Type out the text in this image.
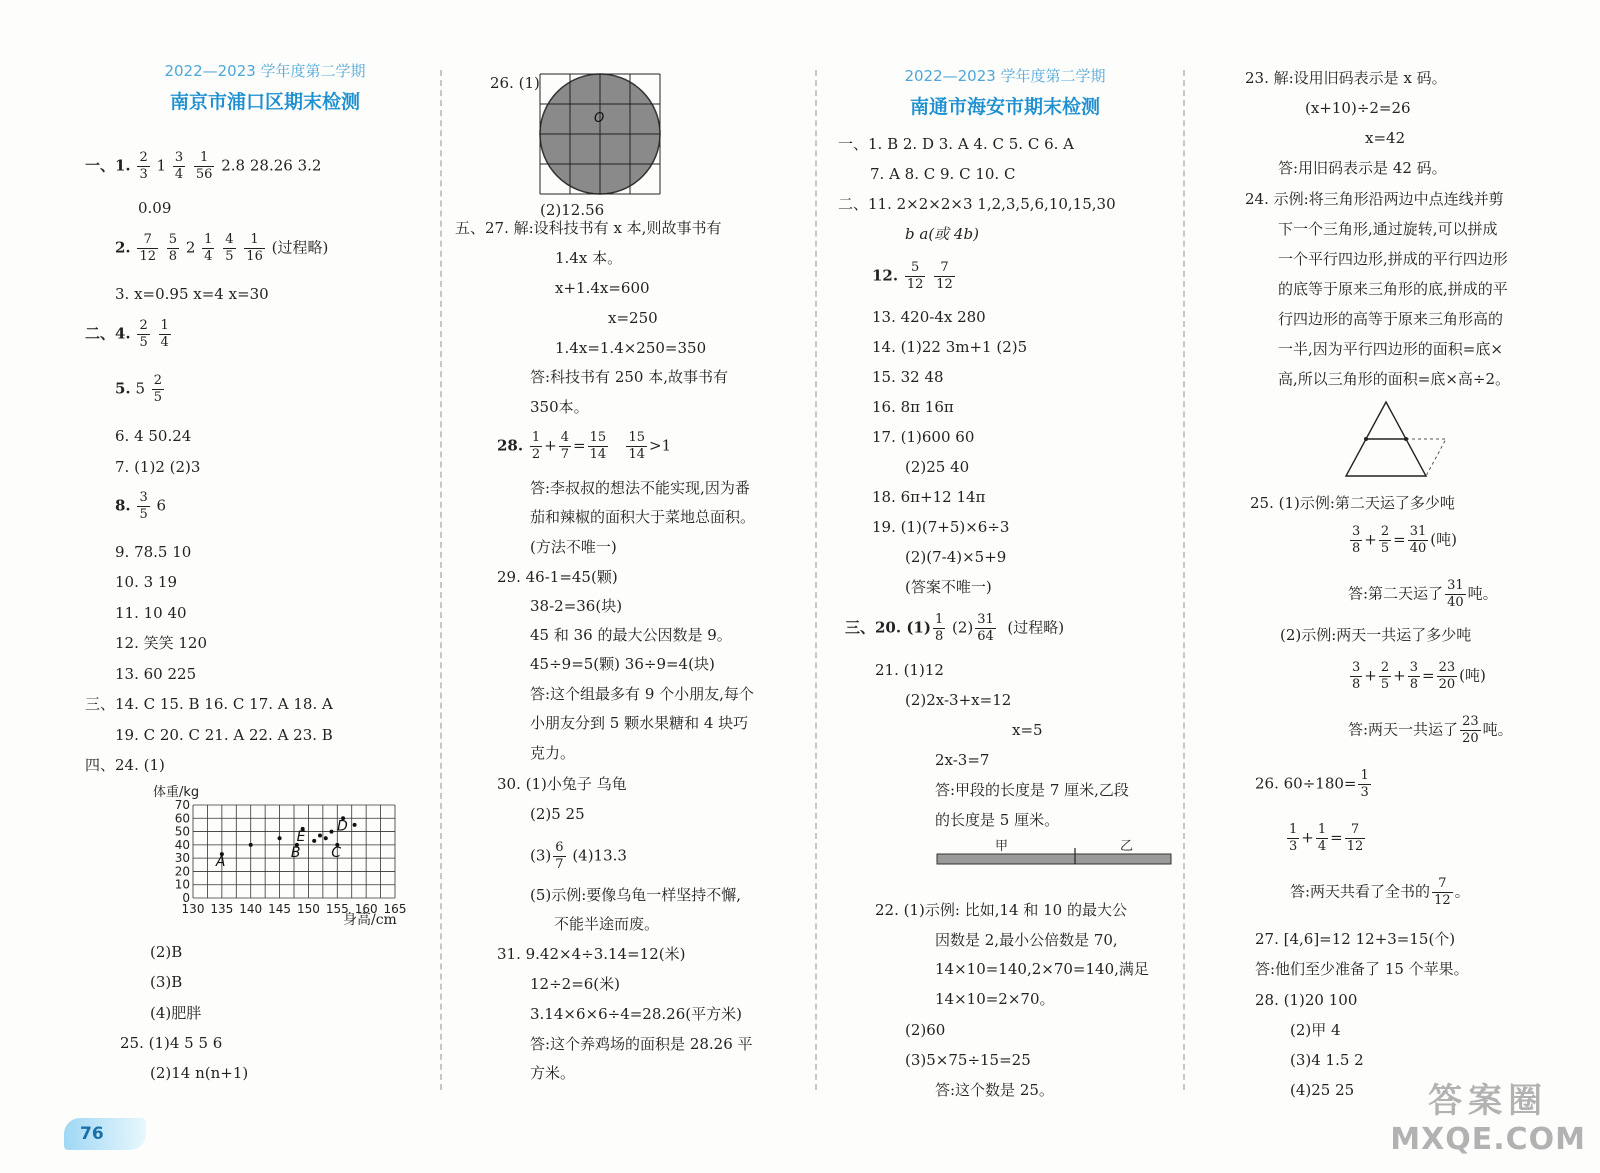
2022—2023 学年度第二学期
南京市浦口区期末检测
一、1. $\frac{2}{3} 1 \frac{3}{4}$
$\frac{1}{56} 2.8$ 28.26 3.2
0.09
2. $\frac{7}{12}$
$\frac{5}{8} 2 \frac{1}{4}$
$\frac{4}{5}$
$\frac{1}{16}$ (过程略)
3. x=0.95 x=4 x=30
二、4. $\frac{2}{5}$
$\frac{1}{4}$
5. $5 \frac{2}{5}$
6. 4 50.24
7. (1)2 (2)3
8. $\frac{3}{5} 6$
9. 78.5 10
10. 3 19
11. 10 40
12. 笑笑 120
13. 60 225
三、14. C 15. B 16. C 17. A 18. A
19. C 20. C 21. A 22. A 23. B
四、24. (1)
体重/kg
0
10
20
30
40
50
60
70
130 135 140 145 150 155 160 165
A
B
E
C
D
身高/cm
(2)B
(3)B
(4)肥胖
25. (1)4 5 5 6
(2)14 n(n+1)
26. (1)
O
(2)12.56
五、27. 解:设科技书有 x 本,则故事书有
1.4x 本。
x+1.4x=600
x=250
1.4x=1.4×250=350
答:科技书有 250 本,故事书有
350本。
28. $\frac{1}{2} + \frac{4}{7} = \frac{15}{14}$
$\frac{15}{14} >1$
答:李叔叔的想法不能实现,因为番
茄和辣椒的面积大于菜地总面积。
(方法不唯一)
29. 46-1=45(颗)
38-2=36(块)
45 和 36 的最大公因数是 9。
45÷9=5(颗) 36÷9=4(块)
答:这个组最多有 9 个小朋友,每个
小朋友分到 5 颗水果糖和 4 块巧
克力。
30. (1)小兔子 乌龟
(2)5 25
$(3) \frac{6}{7} (4)13.3$
(5)示例:要像乌龟一样坚持不懈,
不能半途而废。
31. 9.42×4÷3.14=12(米)
12÷2=6(米)
3.14×6×6÷4=28.26(平方米)
答:这个养鸡场的面积是 28.26 平
方米。
2022—2023 学年度第二学期
南通市海安市期末检测
一、1. B 2. D 3. A 4. C 5. C 6. A
7. A 8. C 9. C 10. C
二、11. 2×2×2×3 1,2,3,5,6,10,15,30
b a(或 4b)
12. $\frac{5}{12}$
$\frac{7}{12}$
13. 420-4x 280
14. (1)22 3m+1 (2)5
15. 32 48
16. 8π 16π
17. (1)600 60
(2)25 40
18. 6π+12 14π
19. (1)(7+5)×6÷3
(2)(7-4)×5+9
(答案不唯一)
三、20. $(1) \frac{1}{8} (2) \frac{31}{64}$ (过程略)
21. (1)12
(2)2x-3+x=12
x=5
2x-3=7
答:甲段的长度是 7 厘米,乙段
的长度是 5 厘米。
甲	乙
22. (1)示例: 比如,14 和 10 的最大公
因数是 2,最小公倍数是 70,
14×10=140,2×70=140,满足
14×10=2×70。
(2)60
(3)5×75÷15=25
答:这个数是 25。
23. 解:设用旧码表示是 x 码。
(x+10)÷2=26
x=42
答:用旧码表示是 42 码。
24. 示例:将三角形沿两边中点连线并剪
下一个三角形,通过旋转,可以拼成
一个平行四边形,拼成的平行四边形
的底等于原来三角形的底,拼成的平
行四边形的高等于原来三角形高的
一半,因为平行四边形的面积=底×
高,所以三角形的面积=底×高÷2。
25. (1)示例:第二天运了多少吨
$\frac{3}{8} + \frac{2}{5} = \frac{31}{40}$ (吨)
答:第二天运了 $\frac{31}{40}$ 吨。
(2)示例:两天一共运了多少吨
$\frac{3}{8} + \frac{2}{5} + \frac{3}{8} = \frac{23}{20}$ (吨)
答:两天一共运了 $\frac{23}{20}$ 吨。
26. $60\div 180= \frac{1}{3}$
$\frac{1}{3} + \frac{1}{4} = \frac{7}{12}$
答:两天共看了全书的 $\frac{7}{12}$ 。
27. [4,6]=12 12+3=15(个)
答:他们至少准备了 15 个苹果。
28. (1)20 100
(2)甲 4
(3)4 1.5 2
(4)25 25
76
答案圈
MXQE.COM
